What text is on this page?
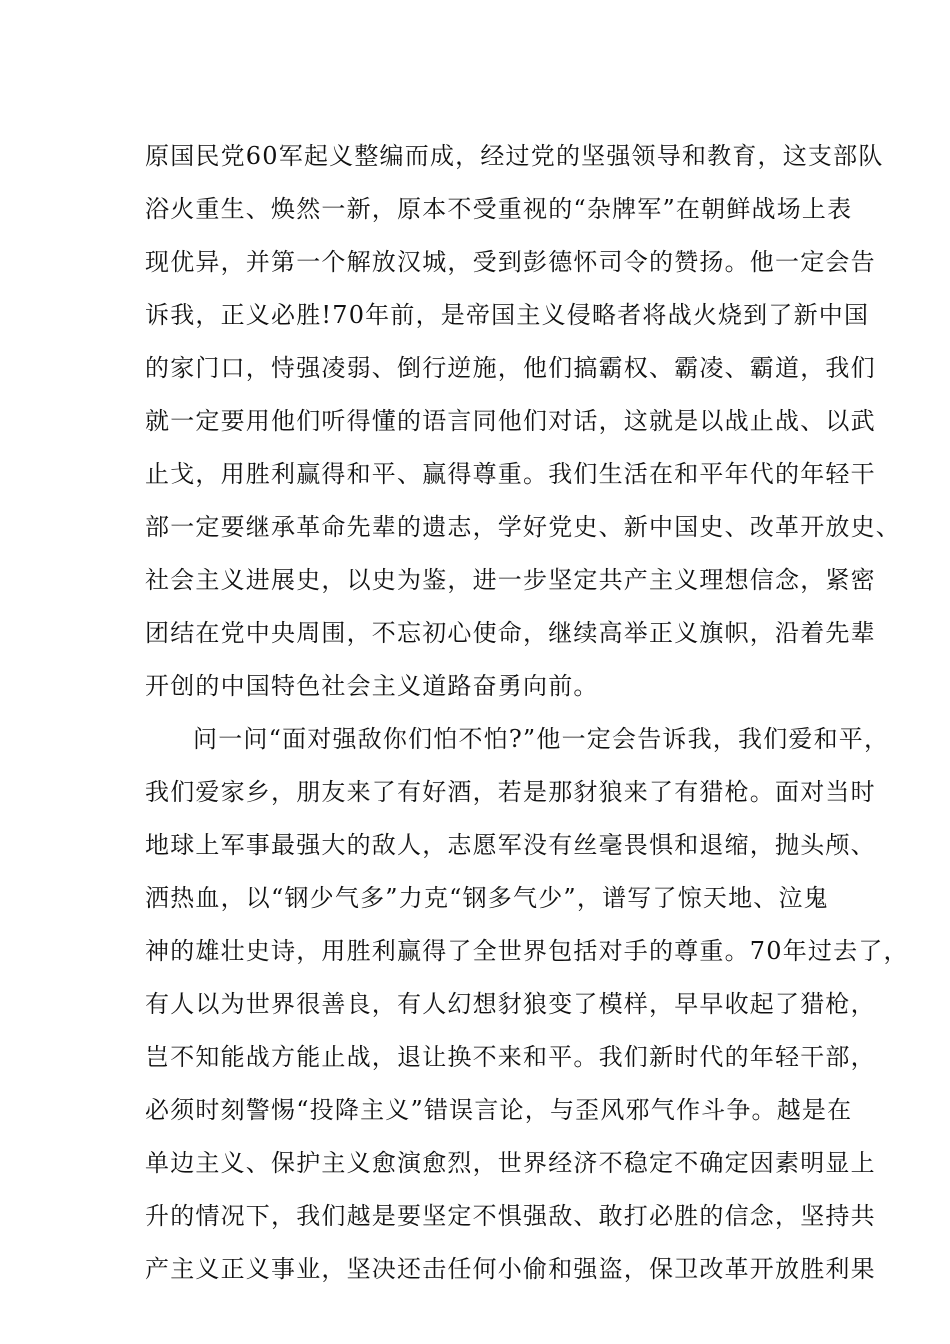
原国民党60军起义整编而成，经过党的坚强领导和教育，这支部队
浴火重生、焕然一新，原本不受重视的“杂牌军”在朝鲜战场上表
现优异，并第一个解放汉城，受到彭德怀司令的赞扬。他一定会告
诉我，正义必胜!70年前，是帝国主义侵略者将战火烧到了新中国
的家门口，恃强凌弱、倒行逆施，他们搞霸权、霸凌、霸道，我们
就一定要用他们听得懂的语言同他们对话，这就是以战止战、以武
止戈，用胜利赢得和平、赢得尊重。我们生活在和平年代的年轻干
部一定要继承革命先辈的遗志，学好党史、新中国史、改革开放史、
社会主义进展史，以史为鉴，进一步坚定共产主义理想信念，紧密
团结在党中央周围，不忘初心使命，继续高举正义旗帜，沿着先辈
开创的中国特色社会主义道路奋勇向前。
问一问“面对强敌你们怕不怕?”他一定会告诉我，我们爱和平，
我们爱家乡，朋友来了有好酒，若是那豺狼来了有猎枪。面对当时
地球上军事最强大的敌人，志愿军没有丝毫畏惧和退缩，抛头颅、
洒热血，以“钢少气多”力克“钢多气少”，谱写了惊天地、泣鬼
神的雄壮史诗，用胜利赢得了全世界包括对手的尊重。70年过去了，
有人以为世界很善良，有人幻想豺狼变了模样，早早收起了猎枪，
岂不知能战方能止战，退让换不来和平。我们新时代的年轻干部，
必须时刻警惕“投降主义”错误言论，与歪风邪气作斗争。越是在
单边主义、保护主义愈演愈烈，世界经济不稳定不确定因素明显上
升的情况下，我们越是要坚定不惧强敌、敢打必胜的信念，坚持共
产主义正义事业，坚决还击任何小偷和强盗，保卫改革开放胜利果
